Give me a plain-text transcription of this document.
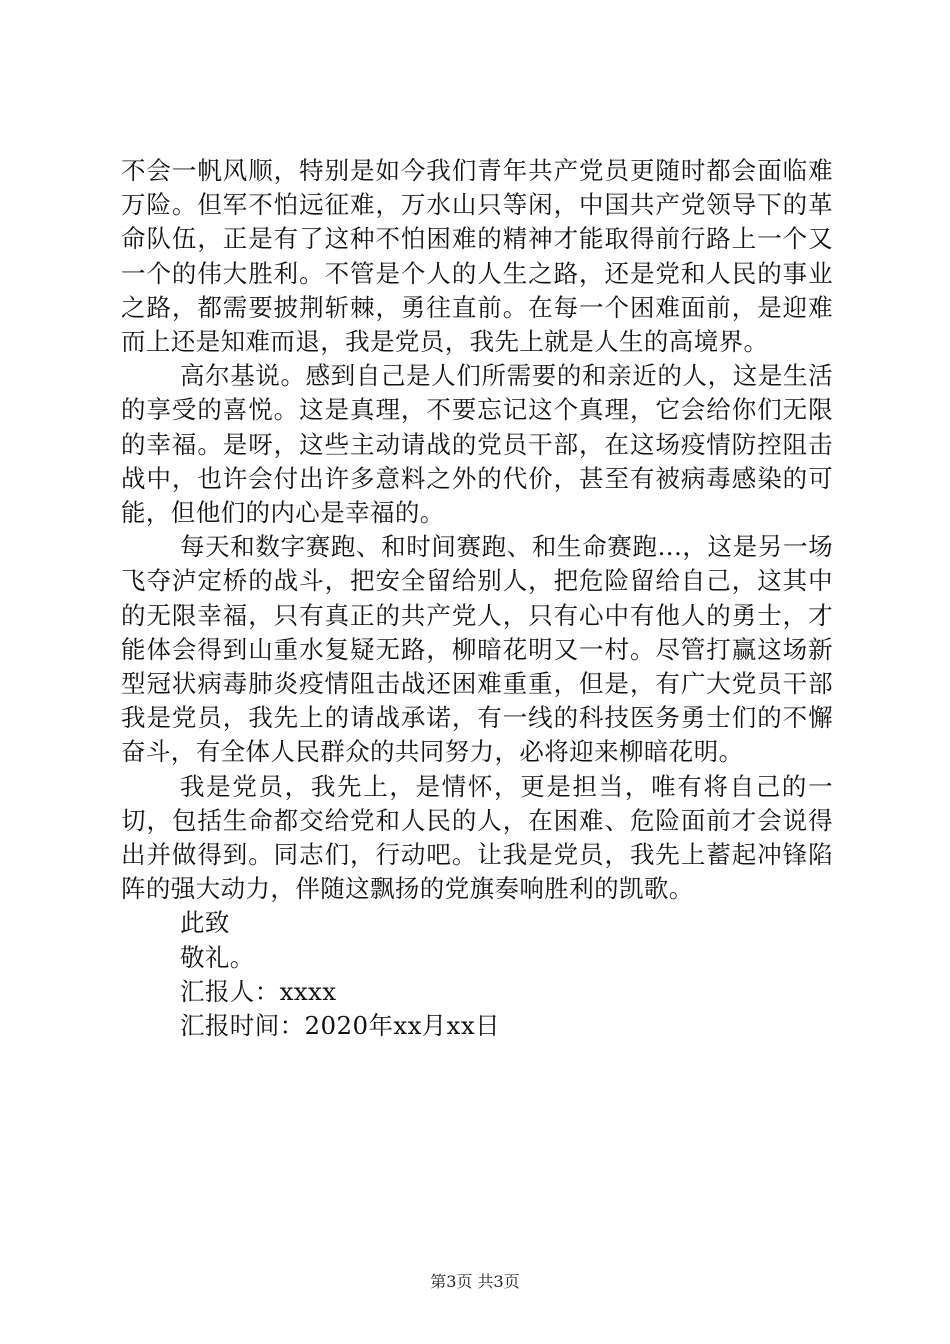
不会一帆风顺，特别是如今我们青年共产党员更随时都会面临难万险。但军不怕远征难，万水山只等闲，中国共产党领导下的革命队伍，正是有了这种不怕困难的精神才能取得前行路上一个又一个的伟大胜利。不管是个人的人生之路，还是党和人民的事业之路，都需要披荆斩棘，勇往直前。在每一个困难面前，是迎难而上还是知难而退，我是党员，我先上就是人生的高境界。

高尔基说。感到自己是人们所需要的和亲近的人，这是生活的享受的喜悦。这是真理，不要忘记这个真理，它会给你们无限的幸福。是呀，这些主动请战的党员干部，在这场疫情防控阻击战中，也许会付出许多意料之外的代价，甚至有被病毒感染的可能，但他们的内心是幸福的。

每天和数字赛跑、和时间赛跑、和生命赛跑...，这是另一场飞夺泸定桥的战斗，把安全留给别人，把危险留给自己，这其中的无限幸福，只有真正的共产党人，只有心中有他人的勇士，才能体会得到山重水复疑无路，柳暗花明又一村。尽管打赢这场新型冠状病毒肺炎疫情阻击战还困难重重，但是，有广大党员干部我是党员，我先上的请战承诺，有一线的科技医务勇士们的不懈奋斗，有全体人民群众的共同努力，必将迎来柳暗花明。

我是党员，我先上，是情怀，更是担当，唯有将自己的一切，包括生命都交给党和人民的人，在困难、危险面前才会说得出并做得到。同志们，行动吧。让我是党员，我先上蓄起冲锋陷阵的强大动力，伴随这飘扬的党旗奏响胜利的凯歌。

此致

敬礼。

汇报人：xxxx

汇报时间：2020年xx月xx日

第3页 共3页
